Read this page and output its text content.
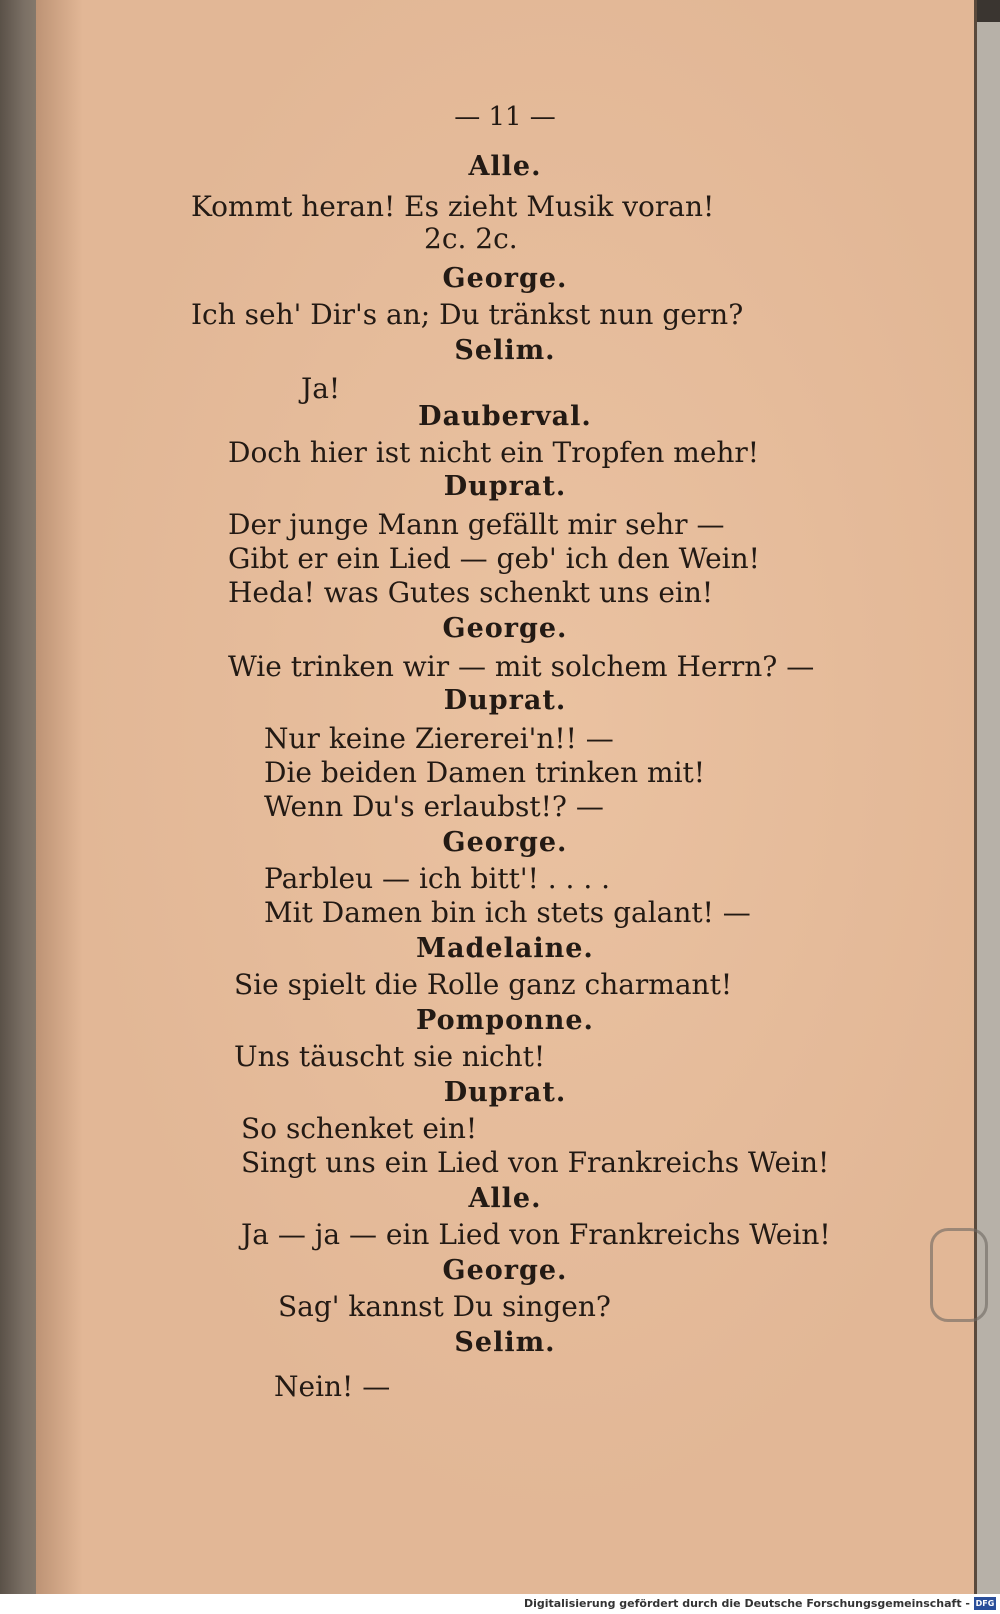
— 11 —
Alle.
Kommt heran! Es zieht Musik voran!
2c. 2c.
George.
Ich seh' Dir's an; Du tränkst nun gern?
Selim.
Ja!
Dauberval.
Doch hier ist nicht ein Tropfen mehr!
Duprat.
Der junge Mann gefällt mir sehr —
Gibt er ein Lied — geb' ich den Wein!
Heda! was Gutes schenkt uns ein!
George.
Wie trinken wir — mit solchem Herrn? —
Duprat.
Nur keine Ziererei'n!! —
Die beiden Damen trinken mit!
Wenn Du's erlaubst!? —
George.
Parbleu — ich bitt'! . . . .
Mit Damen bin ich stets galant! —
Madelaine.
Sie spielt die Rolle ganz charmant!
Pomponne.
Uns täuscht sie nicht!
Duprat.
So schenket ein!
Singt uns ein Lied von Frankreichs Wein!
Alle.
Ja — ja — ein Lied von Frankreichs Wein!
George.
Sag' kannst Du singen?
Selim.
Nein! —
Digitalisierung gefördert durch die Deutsche Forschungsgemeinschaft - DFG
